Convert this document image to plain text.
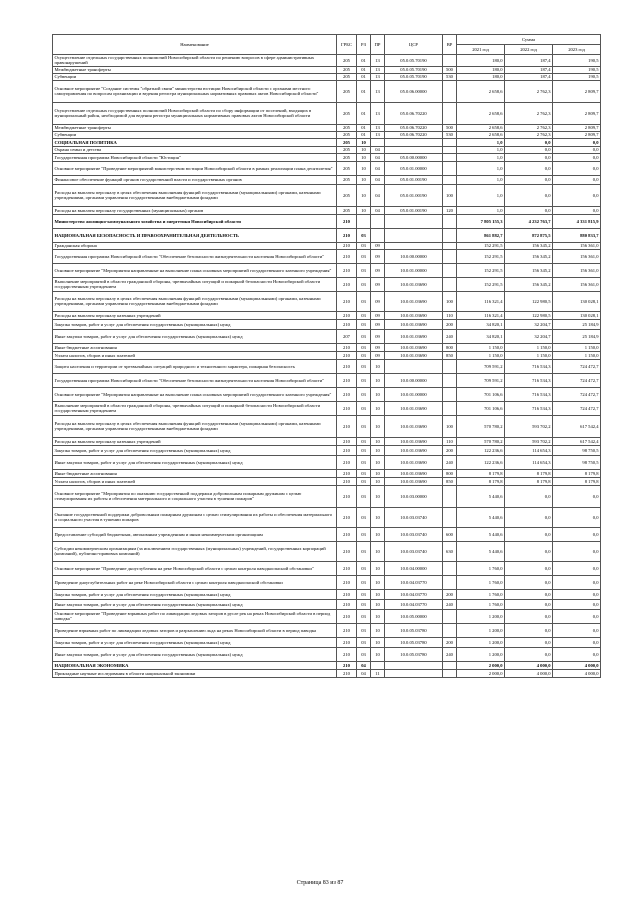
Наименование	ГРБС	РЗ	ПР	ЦСР	ВР	Сумма		
						2021 год	2022 год	2023 год
Осуществление отдельных государственных полномочий Новосибирской области по решению вопросов в сфере административных правонарушений	205	01	13	05.0.05.70190		180,0	187,4	190,5
Межбюджетные трансферты	205	01	13	05.0.05.70190	500	180,0	187,4	190,5
Субвенции	205	01	13	05.0.05.70190	530	180,0	187,4	190,5
Основное мероприятие "Создание системы "обратной связи" министерства юстиции Новосибирской области с органами местного самоуправления по вопросам организации и ведения регистра муниципальных нормативных правовых актов Новосибирской области"	205	01	13	05.0.06.00000		2 658,6	2 762,3	2 809,7
Осуществление отдельных государственных полномочий Новосибирской области по сбору информации от поселений, входящих в муниципальный район, необходимой для ведения регистра муниципальных нормативных правовых актов Новосибирской области	205	01	13	05.0.06.70220		2 658,6	2 762,3	2 809,7
Межбюджетные трансферты	205	01	13	05.0.06.70220	500	2 658,6	2 762,3	2 809,7
Субвенции	205	01	13	05.0.06.70220	530	2 658,6	2 762,3	2 809,7
СОЦИАЛЬНАЯ ПОЛИТИКА	205	10				1,0	0,0	0,0
Охрана семьи и детства	205	10	04			1,0	0,0	0,0
Государственная программа Новосибирской области "Юстиция"	205	10	04	05.0.00.00000		1,0	0,0	0,0
Основное мероприятие "Проведение мероприятий министерством юстиции Новосибирской области в рамках реализации плана десятилетия"	205	10	04	05.0.01.00000		1,0	0,0	0,0
Финансовое обеспечение функций органов государственной власти и государственных органов	205	10	04	05.0.01.00190		1,0	0,0	0,0
Расходы на выплаты персоналу в целях обеспечения выполнения функций государственными (муниципальными) органами, казенными учреждениями, органами управления государственными внебюджетными фондами	205	10	04	05.0.01.00190	100	1,0	0,0	0,0
Расходы на выплаты персоналу государственных (муниципальных) органов	205	10	04	05.0.01.00190	120	1,0	0,0	0,0
Министерство жилищно-коммунального хозяйства и энергетики Новосибирской области	210					7 805 155,3	4 232 763,7	4 331 815,9
НАЦИОНАЛЬНАЯ БЕЗОПАСНОСТЬ И ПРАВООХРАНИТЕЛЬНАЯ ДЕЯТЕЛЬНОСТЬ	210	03				861 882,7	872 875,5	880 833,7
Гражданская оборона	210	03	09			152 291,5	156 345,2	156 361,0
Государственная программа Новосибирской области "Обеспечение безопасности жизнедеятельности населения Новосибирской области"	210	03	09	10.0.00.00000		152 291,5	156 345,2	156 361,0
Основное мероприятие "Мероприятия направленные на выполнение плана основных мероприятий государственного казенного учреждения"	210	03	09	10.0.01.00000		152 291,5	156 345,2	156 361,0
Выполнение мероприятий в области гражданской обороны, чрезвычайных ситуаций и пожарной безопасности Новосибирской области государственным учреждением	210	03	09	10.0.01.03690		152 291,5	156 345,2	156 361,0
Расходы на выплаты персоналу в целях обеспечения выполнения функций государственными (муниципальными) органами, казенными учреждениями, органами управления государственными внебюджетными фондами	210	03	09	10.0.01.03690	100	116 321,4	122 980,5	130 028,1
Расходы на выплаты персоналу казенных учреждений	210	03	09	10.0.01.03690	110	116 321,4	122 980,5	130 028,1
Закупка товаров, работ и услуг для обеспечения государственных (муниципальных) нужд	210	03	09	10.0.01.03690	200	34 820,1	32 204,7	25 184,9
Иные закупки товаров, работ и услуг для обеспечения государственных (муниципальных) нужд	207	03	09	10.0.01.03690	240	34 820,1	32 204,7	25 184,9
Иные бюджетные ассигнования	210	03	09	10.0.01.03690	800	1 150,0	1 150,0	1 150,0
Уплата налогов, сборов и иных платежей	210	03	09	10.0.01.03690	850	1 150,0	1 150,0	1 150,0
Защита населения и территории от чрезвычайных ситуаций природного и техногенного характера, пожарная безопасность	210	03	10			709 591,2	716 534,3	724 472,7
Государственная программа Новосибирской области "Обеспечение безопасности жизнедеятельности населения Новосибирской области"	210	03	10	10.0.00.00000		709 591,2	716 534,3	724 472,7
Основное мероприятие "Мероприятия направленные на выполнение плана основных мероприятий государственного казенного учреждения"	210	03	10	10.0.01.00000		701 106,6	716 534,3	724 472,7
Выполнение мероприятий в области гражданской обороны, чрезвычайных ситуаций и пожарной безопасности Новосибирской области государственным учреждением	210	03	10	10.0.01.03690		701 106,6	716 534,3	724 472,7
Расходы на выплаты персоналу в целях обеспечения выполнения функций государственными (муниципальными) органами, казенными учреждениями, органами управления государственными внебюджетными фондами	210	03	10	10.0.01.03690	100	570 780,2	593 702,2	617 542,4
Расходы на выплаты персоналу казенных учреждений	210	03	10	10.0.01.03690	110	570 780,2	593 702,2	617 542,4
Закупка товаров, работ и услуг для обеспечения государственных (муниципальных) нужд	210	03	10	10.0.01.03690	200	122 236,6	114 654,3	98 750,5
Иные закупки товаров, работ и услуг для обеспечения государственных (муниципальных) нужд	210	03	10	10.0.01.03690	240	122 236,6	114 654,3	98 750,5
Иные бюджетные ассигнования	210	03	10	10.0.01.03690	800	8 179,8	8 179,8	8 179,8
Уплата налогов, сборов и иных платежей	210	03	10	10.0.01.03690	850	8 179,8	8 179,8	8 179,8
Основное мероприятие "Мероприятия по оказанию государственной поддержки добровольным пожарным дружинам с целью стимулирования их работы и обеспечения материального и социального участия в тушении пожаров"	210	03	10	10.0.03.00000		5 440,6	0,0	0,0
Оказание государственной поддержки добровольным пожарным дружинам с целью стимулирования их работы и обеспечения материального и социального участия в тушении пожаров	210	03	10	10.0.03.03740		5 440,6	0,0	0,0
Предоставление субсидий бюджетным, автономным учреждениям и иным некоммерческим организациям	210	03	10	10.0.03.03740	600	5 440,6	0,0	0,0
Субсидии некоммерческим организациям (за исключением государственных (муниципальных) учреждений, государственных корпораций (компаний), публично-правовых компаний)	210	03	10	10.0.03.03740	630	5 440,6	0,0	0,0
Основное мероприятие "Проведение дноуглубления на реке Новосибирской области с целью контроля паводкоопасной обстановки"	210	03	10	10.0.04.00000		1 760,0	0,0	0,0
Проведение дноуглубительных работ на реке Новосибирской области с целью контроля паводкоопасной обстановки	210	03	10	10.0.04.03770		1 760,0	0,0	0,0
Закупка товаров, работ и услуг для обеспечения государственных (муниципальных) нужд	210	03	10	10.0.04.03770	200	1 760,0	0,0	0,0
Иные закупки товаров, работ и услуг для обеспечения государственных (муниципальных) нужд	210	03	10	10.0.04.03770	240	1 760,0	0,0	0,0
Основное мероприятие "Проведение взрывных работ по ликвидации ледовых заторов в русле рек на реках Новосибирской области в период паводка"	210	03	10	10.0.05.00000		1 200,0	0,0	0,0
Проведение взрывных работ по ликвидации ледовых заторов и разрыхлению льда на реках Новосибирской области в период паводка	210	03	10	10.0.05.03780		1 200,0	0,0	0,0
Закупка товаров, работ и услуг для обеспечения государственных (муниципальных) нужд	210	03	10	10.0.05.03780	200	1 200,0	0,0	0,0
Иные закупки товаров, работ и услуг для обеспечения государственных (муниципальных) нужд	210	03	10	10.0.05.03780	240	1 200,0	0,0	0,0
НАЦИОНАЛЬНАЯ ЭКОНОМИКА	210	04				2 000,0	4 000,0	4 000,0
Прикладные научные исследования в области национальной экономики	210	04	11			2 000,0	4 000,0	4 000,0
Страница 83 из 87
